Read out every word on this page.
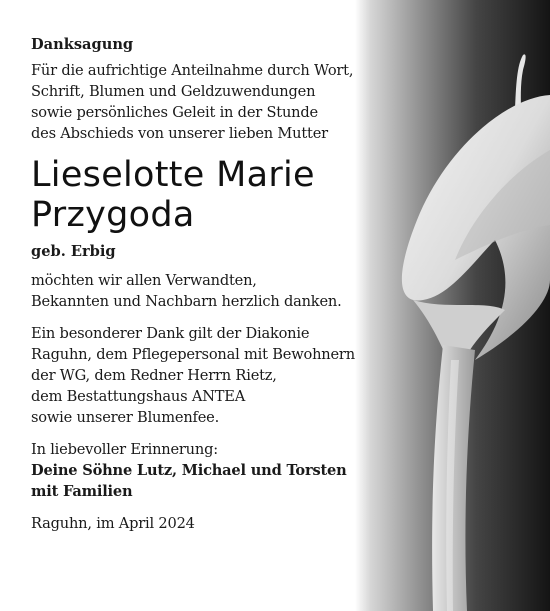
Danksagung
Für die aufrichtige Anteilnahme durch Wort,
Schrift, Blumen und Geldzuwendungen
sowie persönliches Geleit in der Stunde
des Abschieds von unserer lieben Mutter
Lieselotte Marie
Przygoda
geb. Erbig
möchten wir allen Verwandten,
Bekannten und Nachbarn herzlich danken.
Ein besonderer Dank gilt der Diakonie
Raguhn, dem Pflegepersonal mit Bewohnern
der WG, dem Redner Herrn Rietz,
dem Bestattungshaus ANTEA
sowie unserer Blumenfee.
In liebevoller Erinnerung:
Deine Söhne Lutz, Michael und Torsten
mit Familien
Raguhn, im April 2024
